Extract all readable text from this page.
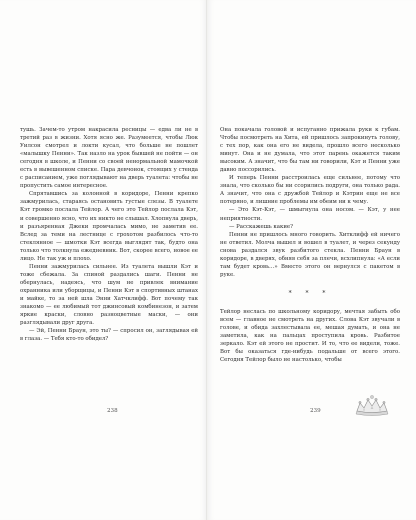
тушь. Зачем-то утром накрасила ресницы — едва ли не в третий раз в жизни. Хотя ясно же. Разумеется, чтобы Люк Уилсон смотрел и локти кусал, что больше не пошлет «малышку Пенни». Так назло на урок бывшей не пойти — он сегодня в школе, и Пенни со своей ненормальной мамочкой есть в вывешенном списке. Пара девчонок, стоящих у стенда с расписанием, уже поглядывают на дверь туалета: чтобы не пропустить самое интересное.

Спрятавшись за колонной в коридоре, Пенни крепко зажмурилась, стараясь остановить густые слезы. В туалете Кэт громко послала Тейлор. А чего это Тейлор послала Кэт, и совершенно ясно, что их никто не слышал. Хлопнула дверь, и разъяренная Джеки промчалась мимо, не заметив ее. Вслед за теми на лестнице с грохотом разбилось что-то стеклянное — шмотки Кэт всегда выглядят так, будто она только что толкнула ежедневник. Вот, скорее всего, новое ее лицо. Не так уж и плохо.

Пенни зажмурилась сильнее. Из туалета вышли Кэт и тоже сбежала. За спиной раздались шаги. Пенни не обернулась, надеясь, что шум не привлек внимание охранника или уборщицы, и Пенни Кэт в спортивных штанах и майке, то за ней шла Энни Хатчклифф. Вот почему так знакомо — ее любимый тот джинсовый комбинезон, и затем яркие краски, словно разноцветные маски, — они разглядывали друг друга.

— Эй, Пенни Браун, это ты? — спросил он, заглядывая ей в глаза. — Тебя кто-то обидел?

238

Она покачала головой и испуганно прижала руки к губам. Чтобы посмотреть на Хита, ей пришлось запрокинуть голову, с тех пор, как она его не видела, прошло всего несколько минут. Она и не думала, что этот парень окажется таким высоким. А значит, что бы там ни говорили, Кэт и Пенни уже давно поссорились.

И теперь Пенни расстроилась еще сильнее, потому что знала, что сколько бы ни ссорились подруги, она только рада. А значит, что она с дружбой Тейлор и Кэтрин еще не все потеряно, и лишние проблемы им обеим ни к чему.

— Это Кэт-Кэт, — шмыгнула она носом. — Кэт, у нее неприятности.

— Расскажешь какие?

Пенни не пришлось много говорить. Хитклифф ей ничего не ответил. Молча вышел и вошел в туалет, и через секунду снова раздался звук разбитого стекла. Пенни Браун в коридоре, в дверях, обняв себя за плечи, всхлипнула: «А если там будет кровь…» Вместо этого он вернулся с пакетом в руке.

* * *

Тейлор неслась по школьному коридору, мечтая забыть обо всем — главное не смотреть на других. Слова Кэт звучали в голове, и обида захлестывала ее, мешая думать, и она не заметила, как на пальцах проступила кровь. Разбитое зеркало. Кэт ей этого не простит. И то, что ее видели, тоже. Вот бы оказаться где-нибудь подальше от всего этого. Сегодня Тейлор было не настолько, чтобы

239
